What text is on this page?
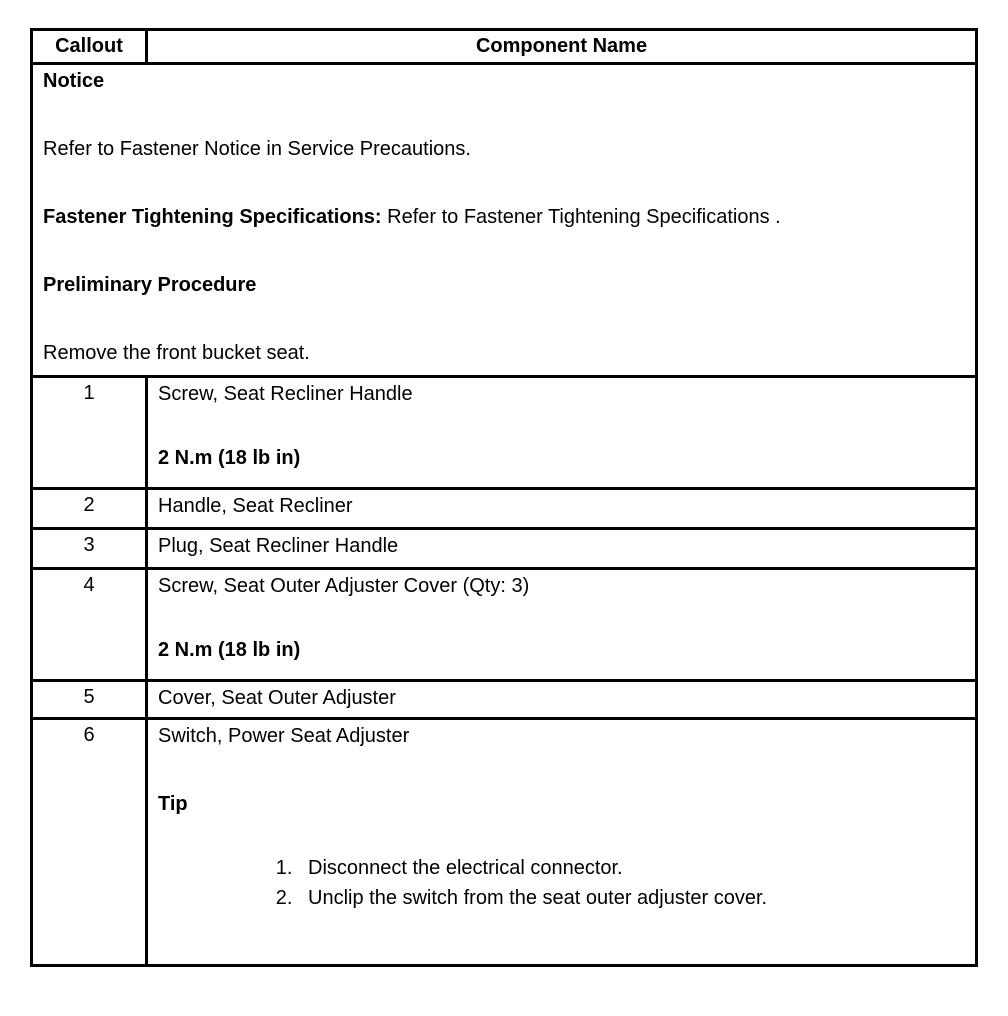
Callout	Component Name

Notice

Refer to Fastener Notice in Service Precautions.

Fastener Tightening Specifications: Refer to Fastener Tightening Specifications .

Preliminary Procedure

Remove the front bucket seat.	

1	Screw, Seat Recliner Handle
2 N.m (18 lb in)

2	Handle, Seat Recliner

3	Plug, Seat Recliner Handle

4	Screw, Seat Outer Adjuster Cover (Qty: 3)
2 N.m (18 lb in)

5	Cover, Seat Outer Adjuster

6	Switch, Power Seat Adjuster
Tip
1. Disconnect the electrical connector.
2. Unclip the switch from the seat outer adjuster cover.
